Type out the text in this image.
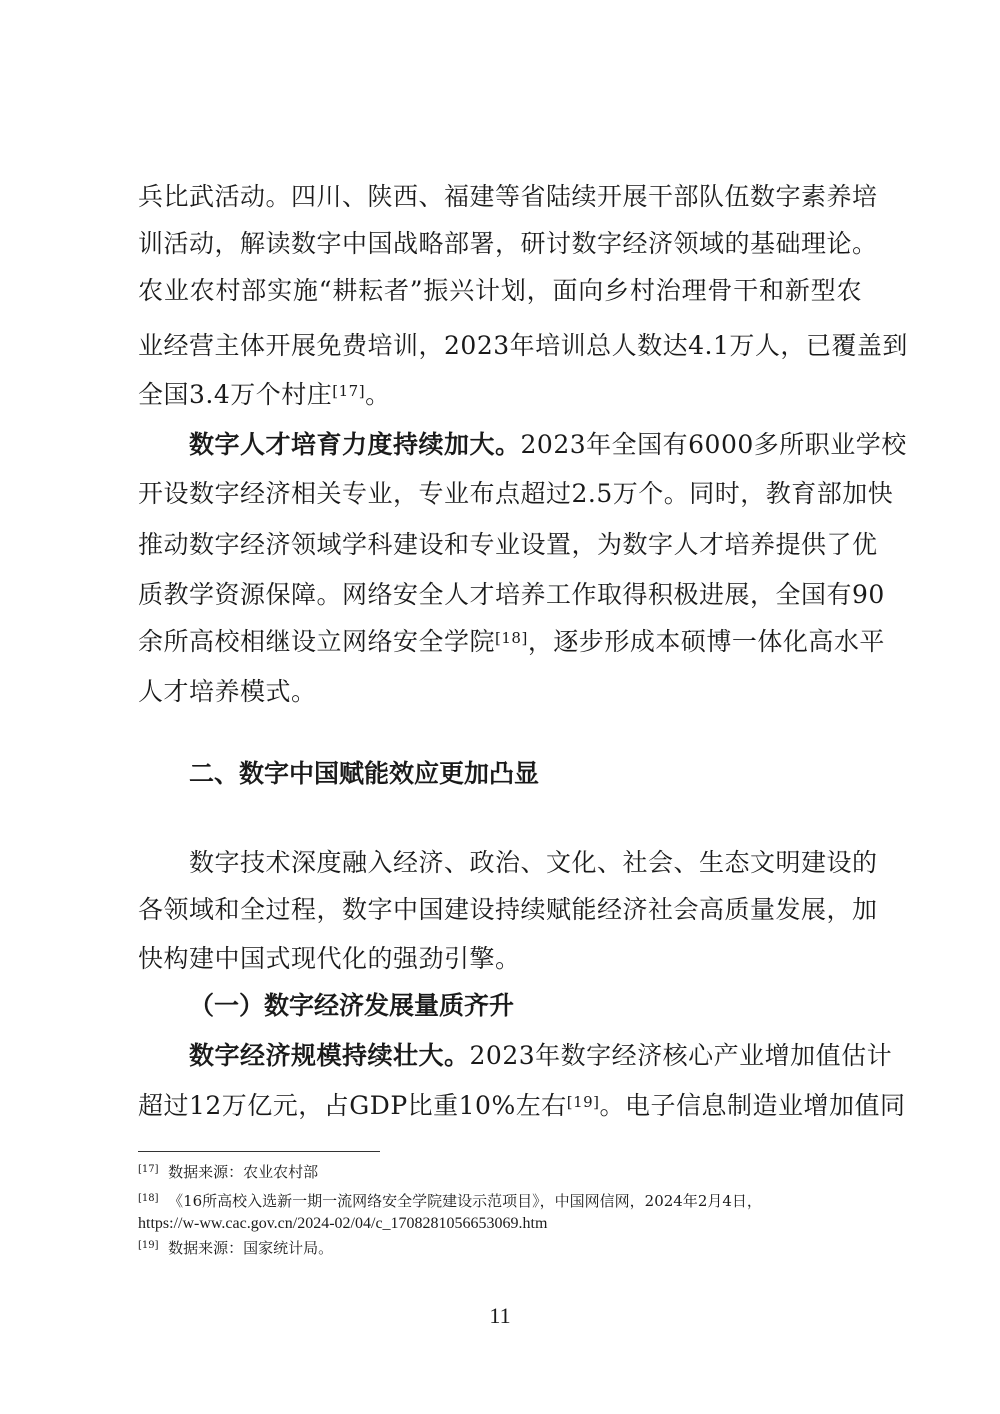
兵比武活动。四川、陕西、福建等省陆续开展干部队伍数字素养培
训活动，解读数字中国战略部署，研讨数字经济领域的基础理论。
农业农村部实施“耕耘者”振兴计划，面向乡村治理骨干和新型农
业经营主体开展免费培训，2023年培训总人数达4.1万人，已覆盖到
全国3.4万个村庄[17]。
数字人才培育力度持续加大。2023年全国有6000多所职业学校
开设数字经济相关专业，专业布点超过2.5万个。同时，教育部加快
推动数字经济领域学科建设和专业设置，为数字人才培养提供了优
质教学资源保障。网络安全人才培养工作取得积极进展，全国有90
余所高校相继设立网络安全学院[18]，逐步形成本硕博一体化高水平
人才培养模式。
二、数字中国赋能效应更加凸显
数字技术深度融入经济、政治、文化、社会、生态文明建设的
各领域和全过程，数字中国建设持续赋能经济社会高质量发展，加
快构建中国式现代化的强劲引擎。
（一）数字经济发展量质齐升
数字经济规模持续壮大。2023年数字经济核心产业增加值估计
超过12万亿元，占GDP比重10%左右[19]。电子信息制造业增加值同
[17] 数据来源：农业农村部
[18] 《16所高校入选新一期一流网络安全学院建设示范项目》，中国网信网，2024年2月4日，
https://w-ww.cac.gov.cn/2024-02/04/c_1708281056653069.htm
[19] 数据来源：国家统计局。
11
